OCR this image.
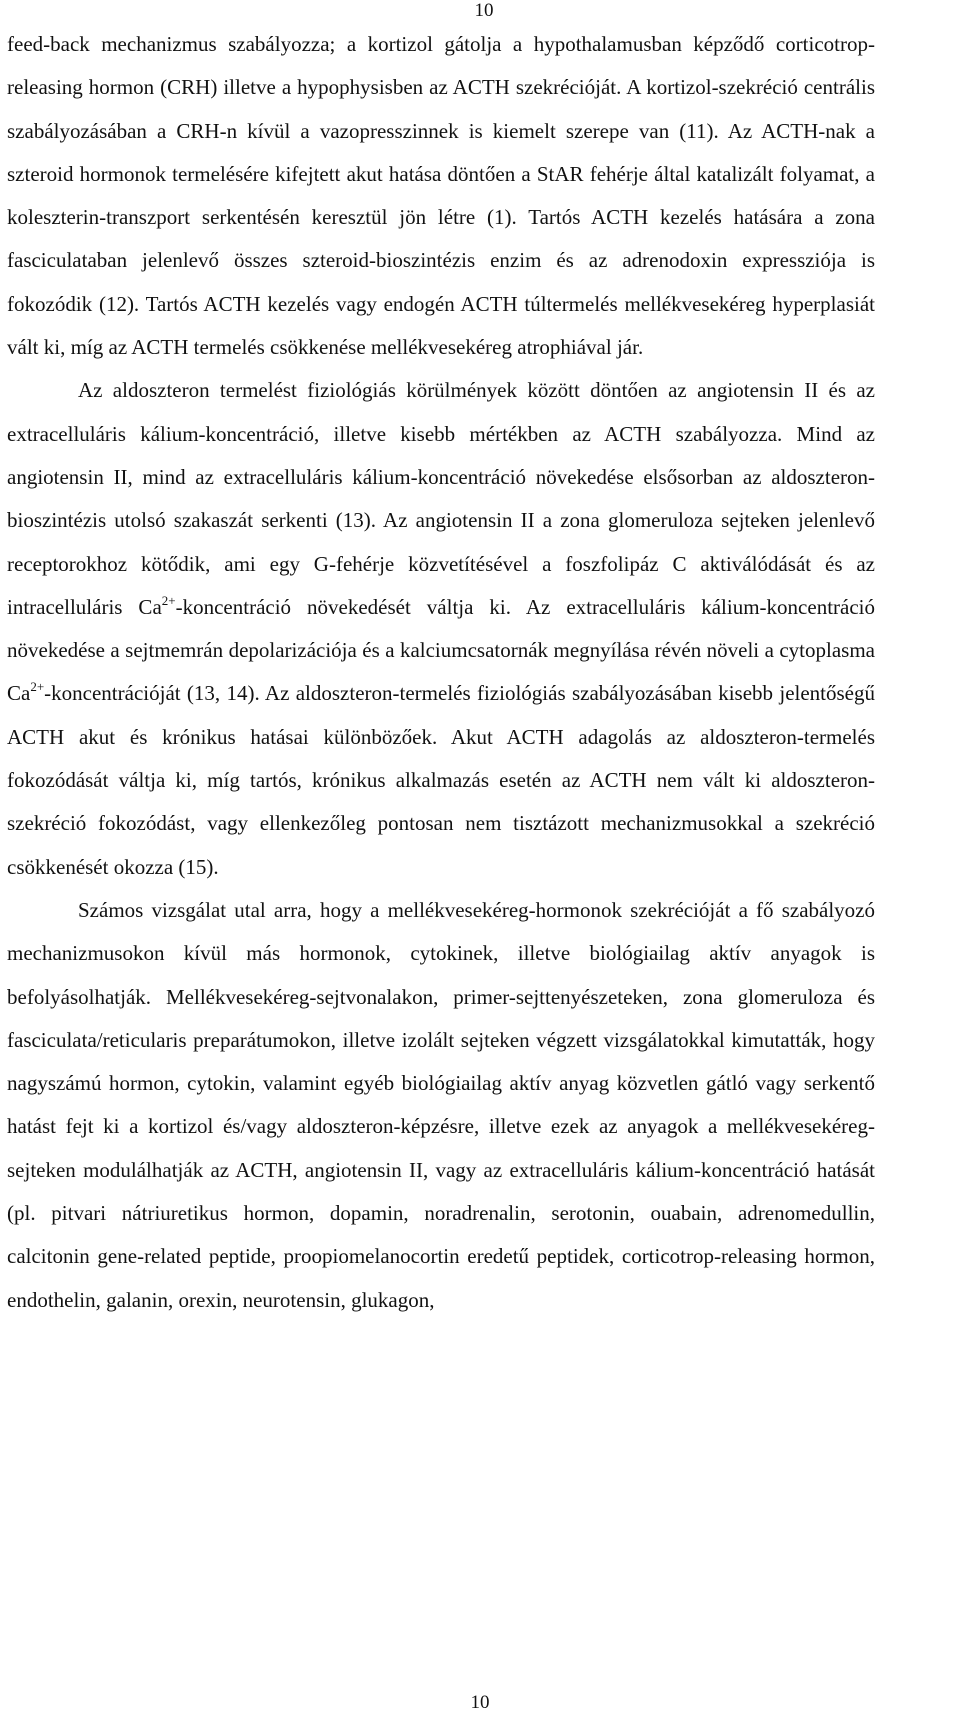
10

feed-back mechanizmus szabályozza; a kortizol gátolja a hypothalamusban képződő corticotrop-releasing hormon (CRH) illetve a hypophysisben az ACTH szekrécióját. A kortizol-szekréció centrális szabályozásában a CRH-n kívül a vazopresszinnek is kiemelt szerepe van (11). Az ACTH-nak a szteroid hormonok termelésére kifejtett akut hatása döntően a StAR fehérje által katalizált folyamat, a koleszterin-transzport serkentésén keresztül jön létre (1). Tartós ACTH kezelés hatására a zona fasciculataban jelenlevő összes szteroid-bioszintézis enzim és az adrenodoxin expressziója is fokozódik (12). Tartós ACTH kezelés vagy endogén ACTH túltermelés mellékvesekéreg hyperplasiát vált ki, míg az ACTH termelés csökkenése mellékvesekéreg atrophiával jár.

Az aldoszteron termelést fiziológiás körülmények között döntően az angiotensin II és az extracelluláris kálium-koncentráció, illetve kisebb mértékben az ACTH szabályozza. Mind az angiotensin II, mind az extracelluláris kálium-koncentráció növekedése elsősorban az aldoszteron-bioszintézis utolsó szakaszát serkenti (13). Az angiotensin II a zona glomeruloza sejteken jelenlevő receptorokhoz kötődik, ami egy G-fehérje közvetítésével a foszfolipáz C aktiválódását és az intracelluláris $Ca^{2+}$-koncentráció növekedését váltja ki. Az extracelluláris kálium-koncentráció növekedése a sejtmemrán depolarizációja és a kalciumcsatornák megnyílása révén növeli a cytoplasma $Ca^{2+}$-koncentrációját (13, 14). Az aldoszteron-termelés fiziológiás szabályozásában kisebb jelentőségű ACTH akut és krónikus hatásai különbözőek. Akut ACTH adagolás az aldoszteron-termelés fokozódását váltja ki, míg tartós, krónikus alkalmazás esetén az ACTH nem vált ki aldoszteron-szekréció fokozódást, vagy ellenkezőleg pontosan nem tisztázott mechanizmusokkal a szekréció csökkenését okozza (15).

Számos vizsgálat utal arra, hogy a mellékvesekéreg-hormonok szekrécióját a fő szabályozó mechanizmusokon kívül más hormonok, cytokinek, illetve biológiailag aktív anyagok is befolyásolhatják. Mellékvesekéreg-sejtvonalakon, primer-sejttenyészeteken, zona glomeruloza és fasciculata/reticularis preparátumokon, illetve izolált sejteken végzett vizsgálatokkal kimutatták, hogy nagyszámú hormon, cytokin, valamint egyéb biológiailag aktív anyag közvetlen gátló vagy serkentő hatást fejt ki a kortizol és/vagy aldoszteron-képzésre, illetve ezek az anyagok a mellékvesekéreg-sejteken modulálhatják az ACTH, angiotensin II, vagy az extracelluláris kálium-koncentráció hatását (pl. pitvari nátriuretikus hormon, dopamin, noradrenalin, serotonin, ouabain, adrenomedullin, calcitonin gene-related peptide, proopiomelanocortin eredetű peptidek, corticotrop-releasing hormon, endothelin, galanin, orexin, neurotensin, glukagon,

10
